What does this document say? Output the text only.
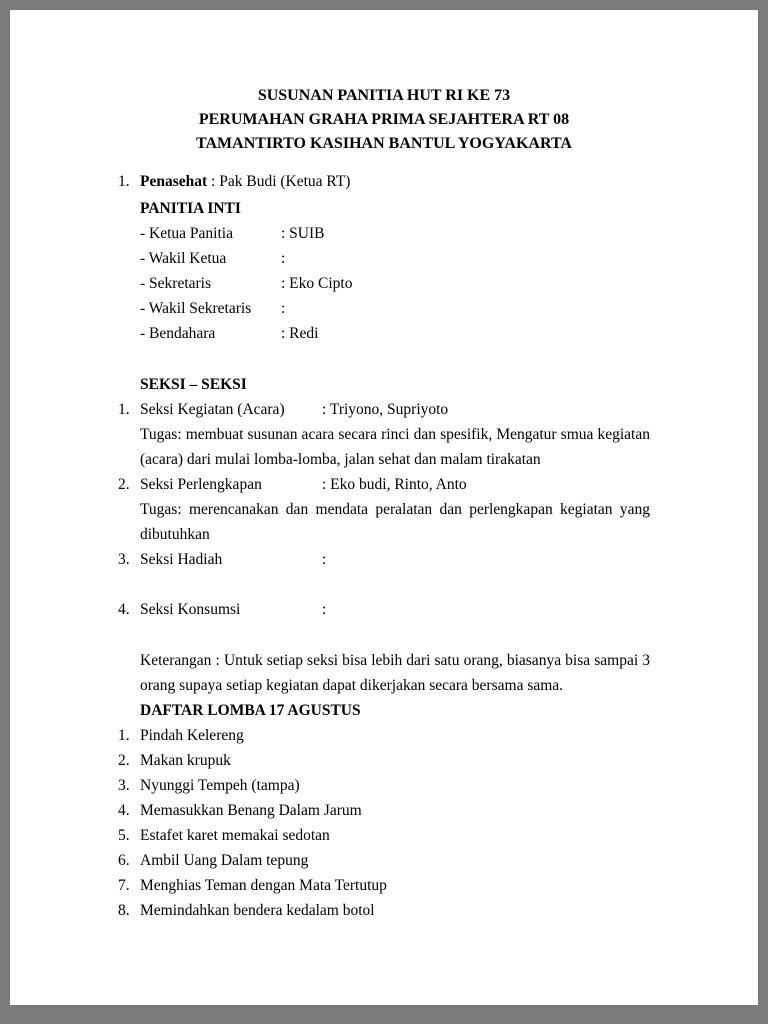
SUSUNAN PANITIA HUT RI KE 73
PERUMAHAN GRAHA PRIMA SEJAHTERA RT 08
TAMANTIRTO KASIHAN BANTUL YOGYAKARTA
1. Penasehat : Pak Budi (Ketua RT)
PANITIA INTI
- Ketua Panitia	: SUIB
- Wakil Ketua	:
- Sekretaris	: Eko Cipto
- Wakil Sekretaris	:
- Bendahara	: Redi
SEKSI – SEKSI
1. Seksi Kegiatan (Acara)	: Triyono, Supriyoto
Tugas: membuat susunan acara secara rinci dan spesifik, Mengatur smua kegiatan (acara) dari mulai lomba-lomba, jalan sehat dan malam tirakatan
2. Seksi Perlengkapan	: Eko budi, Rinto, Anto
Tugas: merencanakan dan mendata peralatan dan perlengkapan kegiatan yang dibutuhkan
3. Seksi Hadiah	:
4. Seksi Konsumsi	:

Keterangan : Untuk setiap seksi bisa lebih dari satu orang, biasanya bisa sampai 3 orang supaya setiap kegiatan dapat dikerjakan secara bersama sama.

DAFTAR LOMBA 17 AGUSTUS
1. Pindah Kelereng
2. Makan krupuk
3. Nyunggi Tempeh (tampa)
4. Memasukkan Benang Dalam Jarum
5. Estafet karet memakai sedotan
6. Ambil Uang Dalam tepung
7. Menghias Teman dengan Mata Tertutup
8. Memindahkan bendera kedalam botol
